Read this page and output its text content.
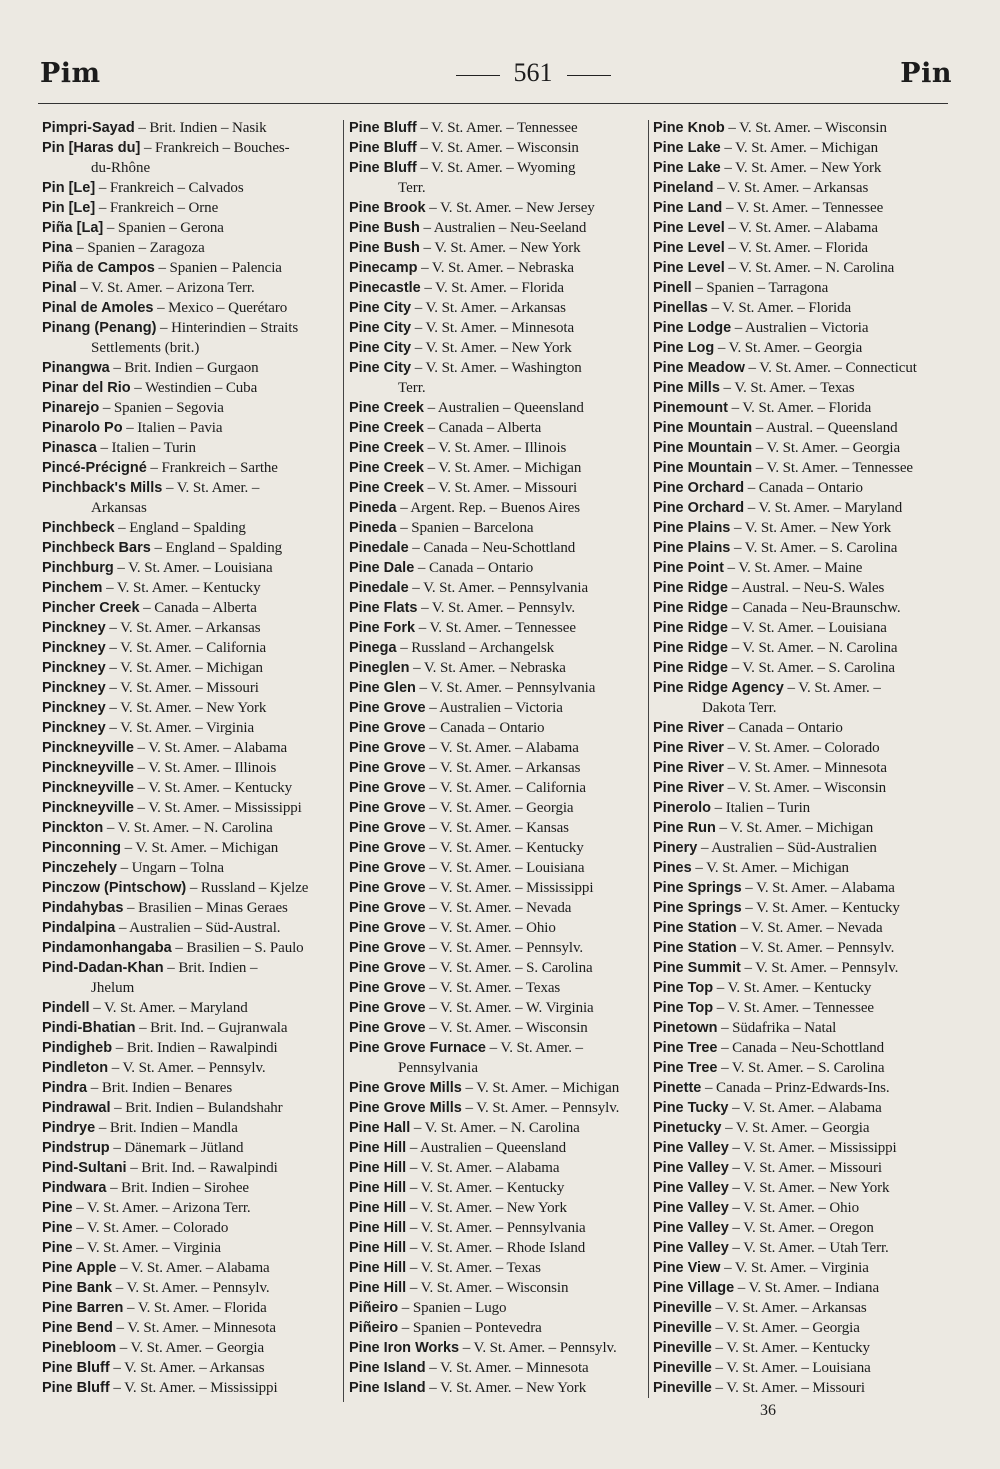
Pim	561	Pin
Pimpri-Sayad – Brit. Indien – Nasik
Pin [Haras du] – Frankreich – Bouches-
du-Rhône
Pin [Le] – Frankreich – Calvados
Pin [Le] – Frankreich – Orne
Piña [La] – Spanien – Gerona
Pina – Spanien – Zaragoza
Piña de Campos – Spanien – Palencia
Pinal – V. St. Amer. – Arizona Terr.
Pinal de Amoles – Mexico – Querétaro
Pinang (Penang) – Hinterindien – Straits
Settlements (brit.)
Pinangwa – Brit. Indien – Gurgaon
Pinar del Rio – Westindien – Cuba
Pinarejo – Spanien – Segovia
Pinarolo Po – Italien – Pavia
Pinasca – Italien – Turin
Pincé-Précigné – Frankreich – Sarthe
Pinchback's Mills – V. St. Amer. –
Arkansas
Pinchbeck – England – Spalding
Pinchbeck Bars – England – Spalding
Pinchburg – V. St. Amer. – Louisiana
Pinchem – V. St. Amer. – Kentucky
Pincher Creek – Canada – Alberta
Pinckney – V. St. Amer. – Arkansas
Pinckney – V. St. Amer. – California
Pinckney – V. St. Amer. – Michigan
Pinckney – V. St. Amer. – Missouri
Pinckney – V. St. Amer. – New York
Pinckney – V. St. Amer. – Virginia
Pinckneyville – V. St. Amer. – Alabama
Pinckneyville – V. St. Amer. – Illinois
Pinckneyville – V. St. Amer. – Kentucky
Pinckneyville – V. St. Amer. – Mississippi
Pinckton – V. St. Amer. – N. Carolina
Pinconning – V. St. Amer. – Michigan
Pinczehely – Ungarn – Tolna
Pinczow (Pintschow) – Russland – Kjelze
Pindahybas – Brasilien – Minas Geraes
Pindalpina – Australien – Süd-Austral.
Pindamonhangaba – Brasilien – S. Paulo
Pind-Dadan-Khan – Brit. Indien –
Jhelum
Pindell – V. St. Amer. – Maryland
Pindi-Bhatian – Brit. Ind. – Gujranwala
Pindigheb – Brit. Indien – Rawalpindi
Pindleton – V. St. Amer. – Pennsylv.
Pindra – Brit. Indien – Benares
Pindrawal – Brit. Indien – Bulandshahr
Pindrye – Brit. Indien – Mandla
Pindstrup – Dänemark – Jütland
Pind-Sultani – Brit. Ind. – Rawalpindi
Pindwara – Brit. Indien – Sirohee
Pine – V. St. Amer. – Arizona Terr.
Pine – V. St. Amer. – Colorado
Pine – V. St. Amer. – Virginia
Pine Apple – V. St. Amer. – Alabama
Pine Bank – V. St. Amer. – Pennsylv.
Pine Barren – V. St. Amer. – Florida
Pine Bend – V. St. Amer. – Minnesota
Pinebloom – V. St. Amer. – Georgia
Pine Bluff – V. St. Amer. – Arkansas
Pine Bluff – V. St. Amer. – Mississippi
Pine Bluff – V. St. Amer. – Tennessee
Pine Bluff – V. St. Amer. – Wisconsin
Pine Bluff – V. St. Amer. – Wyoming
Terr.
Pine Brook – V. St. Amer. – New Jersey
Pine Bush – Australien – Neu-Seeland
Pine Bush – V. St. Amer. – New York
Pinecamp – V. St. Amer. – Nebraska
Pinecastle – V. St. Amer. – Florida
Pine City – V. St. Amer. – Arkansas
Pine City – V. St. Amer. – Minnesota
Pine City – V. St. Amer. – New York
Pine City – V. St. Amer. – Washington
Terr.
Pine Creek – Australien – Queensland
Pine Creek – Canada – Alberta
Pine Creek – V. St. Amer. – Illinois
Pine Creek – V. St. Amer. – Michigan
Pine Creek – V. St. Amer. – Missouri
Pineda – Argent. Rep. – Buenos Aires
Pineda – Spanien – Barcelona
Pinedale – Canada – Neu-Schottland
Pine Dale – Canada – Ontario
Pinedale – V. St. Amer. – Pennsylvania
Pine Flats – V. St. Amer. – Pennsylv.
Pine Fork – V. St. Amer. – Tennessee
Pinega – Russland – Archangelsk
Pineglen – V. St. Amer. – Nebraska
Pine Glen – V. St. Amer. – Pennsylvania
Pine Grove – Australien – Victoria
Pine Grove – Canada – Ontario
Pine Grove – V. St. Amer. – Alabama
Pine Grove – V. St. Amer. – Arkansas
Pine Grove – V. St. Amer. – California
Pine Grove – V. St. Amer. – Georgia
Pine Grove – V. St. Amer. – Kansas
Pine Grove – V. St. Amer. – Kentucky
Pine Grove – V. St. Amer. – Louisiana
Pine Grove – V. St. Amer. – Mississippi
Pine Grove – V. St. Amer. – Nevada
Pine Grove – V. St. Amer. – Ohio
Pine Grove – V. St. Amer. – Pennsylv.
Pine Grove – V. St. Amer. – S. Carolina
Pine Grove – V. St. Amer. – Texas
Pine Grove – V. St. Amer. – W. Virginia
Pine Grove – V. St. Amer. – Wisconsin
Pine Grove Furnace – V. St. Amer. –
Pennsylvania
Pine Grove Mills – V. St. Amer. – Michigan
Pine Grove Mills – V. St. Amer. – Pennsylv.
Pine Hall – V. St. Amer. – N. Carolina
Pine Hill – Australien – Queensland
Pine Hill – V. St. Amer. – Alabama
Pine Hill – V. St. Amer. – Kentucky
Pine Hill – V. St. Amer. – New York
Pine Hill – V. St. Amer. – Pennsylvania
Pine Hill – V. St. Amer. – Rhode Island
Pine Hill – V. St. Amer. – Texas
Pine Hill – V. St. Amer. – Wisconsin
Piñeiro – Spanien – Lugo
Piñeiro – Spanien – Pontevedra
Pine Iron Works – V. St. Amer. – Pennsylv.
Pine Island – V. St. Amer. – Minnesota
Pine Island – V. St. Amer. – New York
Pine Knob – V. St. Amer. – Wisconsin
Pine Lake – V. St. Amer. – Michigan
Pine Lake – V. St. Amer. – New York
Pineland – V. St. Amer. – Arkansas
Pine Land – V. St. Amer. – Tennessee
Pine Level – V. St. Amer. – Alabama
Pine Level – V. St. Amer. – Florida
Pine Level – V. St. Amer. – N. Carolina
Pinell – Spanien – Tarragona
Pinellas – V. St. Amer. – Florida
Pine Lodge – Australien – Victoria
Pine Log – V. St. Amer. – Georgia
Pine Meadow – V. St. Amer. – Connecticut
Pine Mills – V. St. Amer. – Texas
Pinemount – V. St. Amer. – Florida
Pine Mountain – Austral. – Queensland
Pine Mountain – V. St. Amer. – Georgia
Pine Mountain – V. St. Amer. – Tennessee
Pine Orchard – Canada – Ontario
Pine Orchard – V. St. Amer. – Maryland
Pine Plains – V. St. Amer. – New York
Pine Plains – V. St. Amer. – S. Carolina
Pine Point – V. St. Amer. – Maine
Pine Ridge – Austral. – Neu-S. Wales
Pine Ridge – Canada – Neu-Braunschw.
Pine Ridge – V. St. Amer. – Louisiana
Pine Ridge – V. St. Amer. – N. Carolina
Pine Ridge – V. St. Amer. – S. Carolina
Pine Ridge Agency – V. St. Amer. –
Dakota Terr.
Pine River – Canada – Ontario
Pine River – V. St. Amer. – Colorado
Pine River – V. St. Amer. – Minnesota
Pine River – V. St. Amer. – Wisconsin
Pinerolo – Italien – Turin
Pine Run – V. St. Amer. – Michigan
Pinery – Australien – Süd-Australien
Pines – V. St. Amer. – Michigan
Pine Springs – V. St. Amer. – Alabama
Pine Springs – V. St. Amer. – Kentucky
Pine Station – V. St. Amer. – Nevada
Pine Station – V. St. Amer. – Pennsylv.
Pine Summit – V. St. Amer. – Pennsylv.
Pine Top – V. St. Amer. – Kentucky
Pine Top – V. St. Amer. – Tennessee
Pinetown – Südafrika – Natal
Pine Tree – Canada – Neu-Schottland
Pine Tree – V. St. Amer. – S. Carolina
Pinette – Canada – Prinz-Edwards-Ins.
Pine Tucky – V. St. Amer. – Alabama
Pinetucky – V. St. Amer. – Georgia
Pine Valley – V. St. Amer. – Mississippi
Pine Valley – V. St. Amer. – Missouri
Pine Valley – V. St. Amer. – New York
Pine Valley – V. St. Amer. – Ohio
Pine Valley – V. St. Amer. – Oregon
Pine Valley – V. St. Amer. – Utah Terr.
Pine View – V. St. Amer. – Virginia
Pine Village – V. St. Amer. – Indiana
Pineville – V. St. Amer. – Arkansas
Pineville – V. St. Amer. – Georgia
Pineville – V. St. Amer. – Kentucky
Pineville – V. St. Amer. – Louisiana
Pineville – V. St. Amer. – Missouri
36
